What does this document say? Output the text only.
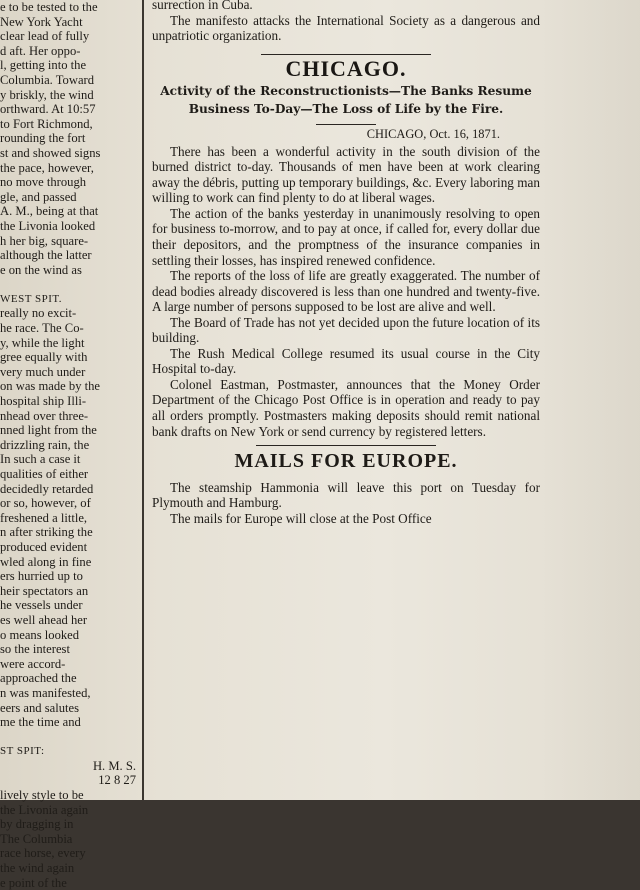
e to be tested to the
New York Yacht
clear lead of fully
d aft. Her oppo-
l, getting into the
Columbia. Toward
y briskly, the wind
orthward. At 10:57
to Fort Richmond,
rounding the fort
st and showed signs
the pace, however,
no move through
gle, and passed
A. M., being at that
the Livonia looked
h her big, square-
although the latter
e on the wind as

WEST SPIT.
really no excit-
he race. The Co-
y, while the light
gree equally with
very much under
on was made by the
hospital ship Illi-
nhead over three-
nned light from the
drizzling rain, the
In such a case it
qualities of either
decidedly retarded
or so, however, of
freshened a little,
n after striking the
produced evident
wled along in fine
ers hurried up to
heir spectators an
he vessels under
es well ahead her
o means looked
so the interest
were accord-
approached the
n was manifested,
eers and salutes
me the time and

ST SPIT:
H. M. S.
12 8 27
lively style to be
the Livonia again
by dragging in
The Columbia
race horse, every
the wind again
e point of the

surrection in Cuba.

The manifesto attacks the International Society as a dangerous and unpatriotic organization.

CHICAGO.
Activity of the Reconstructionists—The Banks Resume Business To-Day—The Loss of Life by the Fire.
CHICAGO, Oct. 16, 1871.

There has been a wonderful activity in the south division of the burned district to-day. Thousands of men have been at work clearing away the débris, putting up temporary buildings, &c. Every laboring man willing to work can find plenty to do at liberal wages.

The action of the banks yesterday in unanimously resolving to open for business to-morrow, and to pay at once, if called for, every dollar due their depositors, and the promptness of the insurance companies in settling their losses, has inspired renewed confidence.

The reports of the loss of life are greatly exaggerated. The number of dead bodies already discovered is less than one hundred and twenty-five. A large number of persons supposed to be lost are alive and well.

The Board of Trade has not yet decided upon the future location of its building.

The Rush Medical College resumed its usual course in the City Hospital to-day.

Colonel Eastman, Postmaster, announces that the Money Order Department of the Chicago Post Office is in operation and ready to pay all orders promptly. Postmasters making deposits should remit national bank drafts on New York or send currency by registered letters.

MAILS FOR EUROPE.

The steamship Hammonia will leave this port on Tuesday for Plymouth and Hamburg.

The mails for Europe will close at the Post Office
